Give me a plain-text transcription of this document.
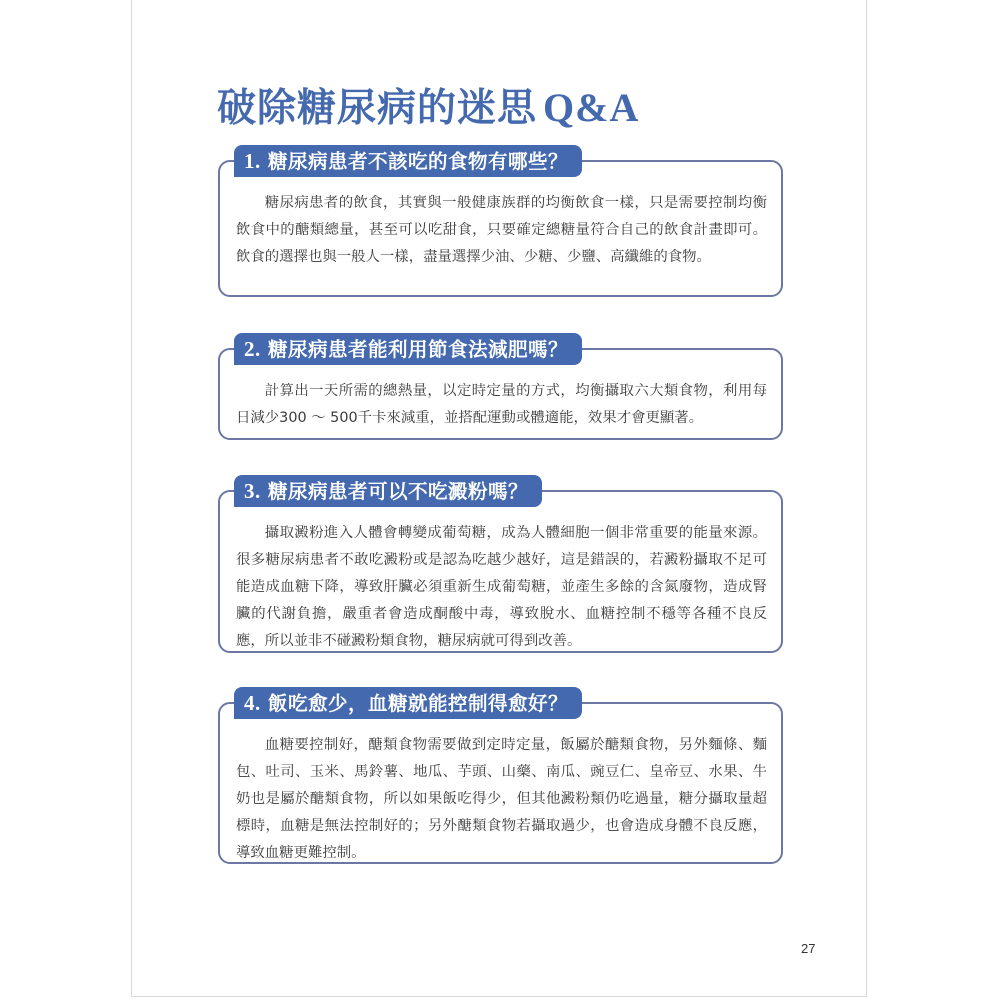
破除糖尿病的迷思 Q&A
1. 糖尿病患者不該吃的食物有哪些？
糖尿病患者的飲食，其實與一般健康族群的均衡飲食一樣，只是需要控制均衡飲食中的醣類總量，甚至可以吃甜食，只要確定總糖量符合自己的飲食計畫即可。飲食的選擇也與一般人一樣，盡量選擇少油、少糖、少鹽、高纖維的食物。
2. 糖尿病患者能利用節食法減肥嗎？
計算出一天所需的總熱量，以定時定量的方式，均衡攝取六大類食物，利用每日減少300 ～ 500千卡來減重，並搭配運動或體適能，效果才會更顯著。
3. 糖尿病患者可以不吃澱粉嗎？
攝取澱粉進入人體會轉變成葡萄糖，成為人體細胞一個非常重要的能量來源。很多糖尿病患者不敢吃澱粉或是認為吃越少越好，這是錯誤的，若澱粉攝取不足可能造成血糖下降，導致肝臟必須重新生成葡萄糖，並產生多餘的含氮廢物，造成腎臟的代謝負擔，嚴重者會造成酮酸中毒，導致脫水、血糖控制不穩等各種不良反應，所以並非不碰澱粉類食物，糖尿病就可得到改善。
4. 飯吃愈少，血糖就能控制得愈好？
血糖要控制好，醣類食物需要做到定時定量，飯屬於醣類食物，另外麵條、麵包、吐司、玉米、馬鈴薯、地瓜、芋頭、山藥、南瓜、豌豆仁、皇帝豆、水果、牛奶也是屬於醣類食物，所以如果飯吃得少，但其他澱粉類仍吃過量，糖分攝取量超標時，血糖是無法控制好的；另外醣類食物若攝取過少，也會造成身體不良反應，導致血糖更難控制。
27
